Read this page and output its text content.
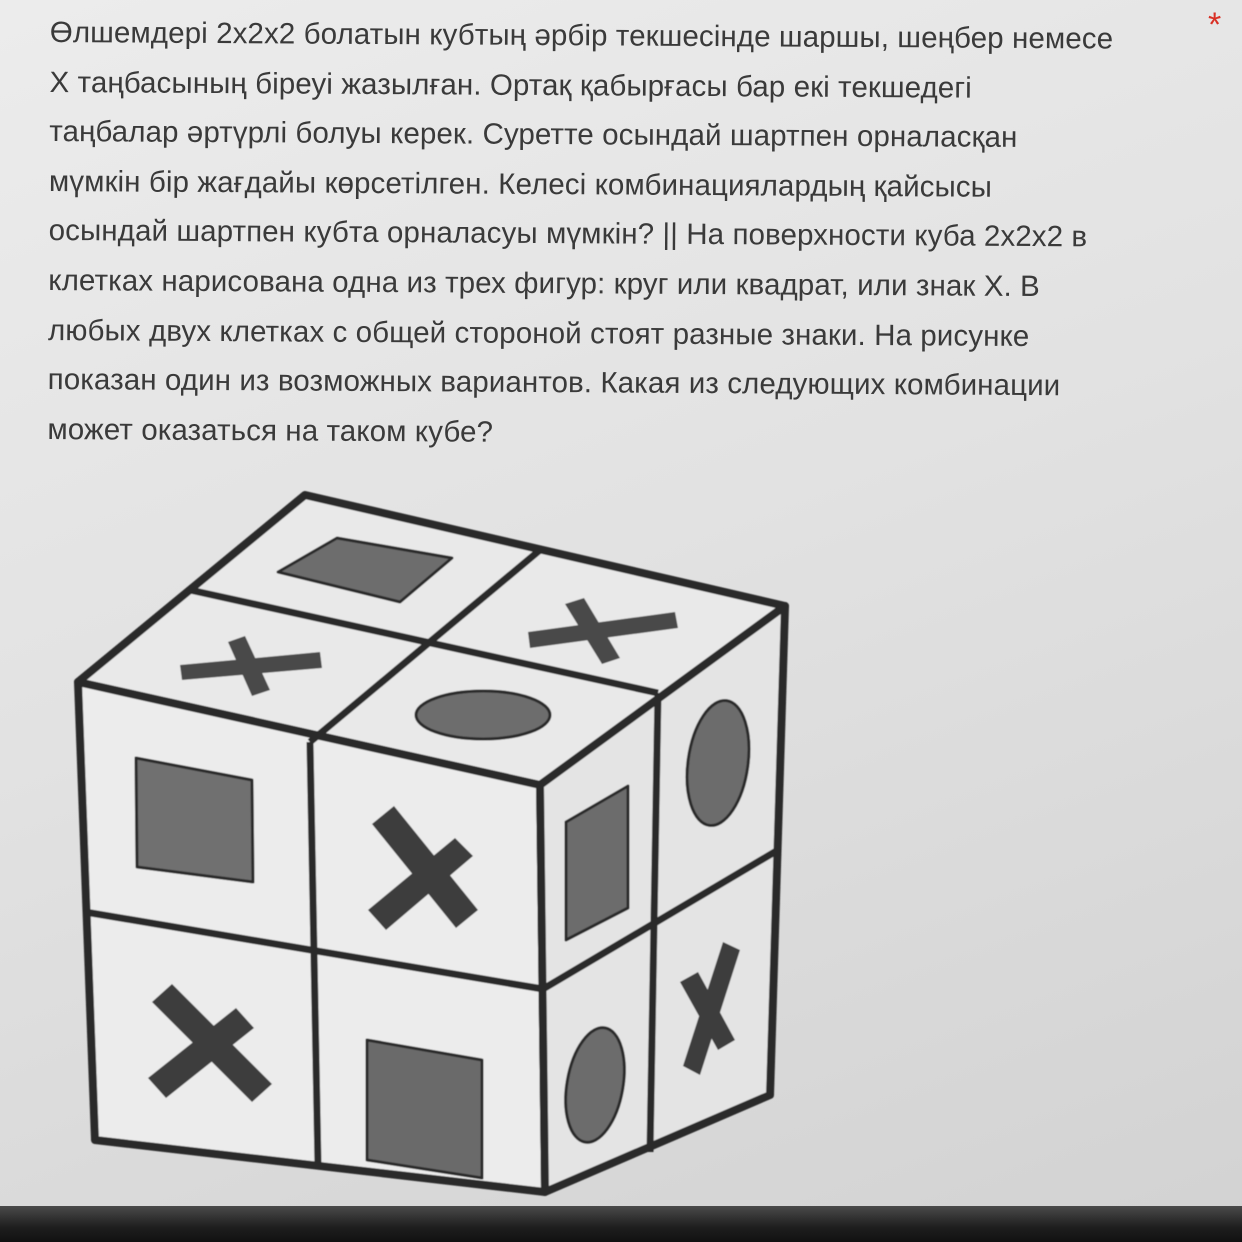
Өлшемдері 2х2х2 болатын кубтың әрбір текшесінде шаршы, шеңбер немесе
Х таңбасының біреуі жазылған. Ортақ қабырғасы бар екі текшедегі
таңбалар әртүрлі болуы керек. Суретте осындай шартпен орналасқан
мүмкін бір жағдайы көрсетілген. Келесі комбинациялардың қайсысы
осындай шартпен кубта орналасуы мүмкін? || На поверхности куба 2х2х2 в
клетках нарисована одна из трех фигур: круг или квадрат, или знак Х. В
любых двух клетках с общей стороной стоят разные знаки. На рисунке
показан один из возможных вариантов. Какая из следующих комбинации
может оказаться на таком кубе?
*
